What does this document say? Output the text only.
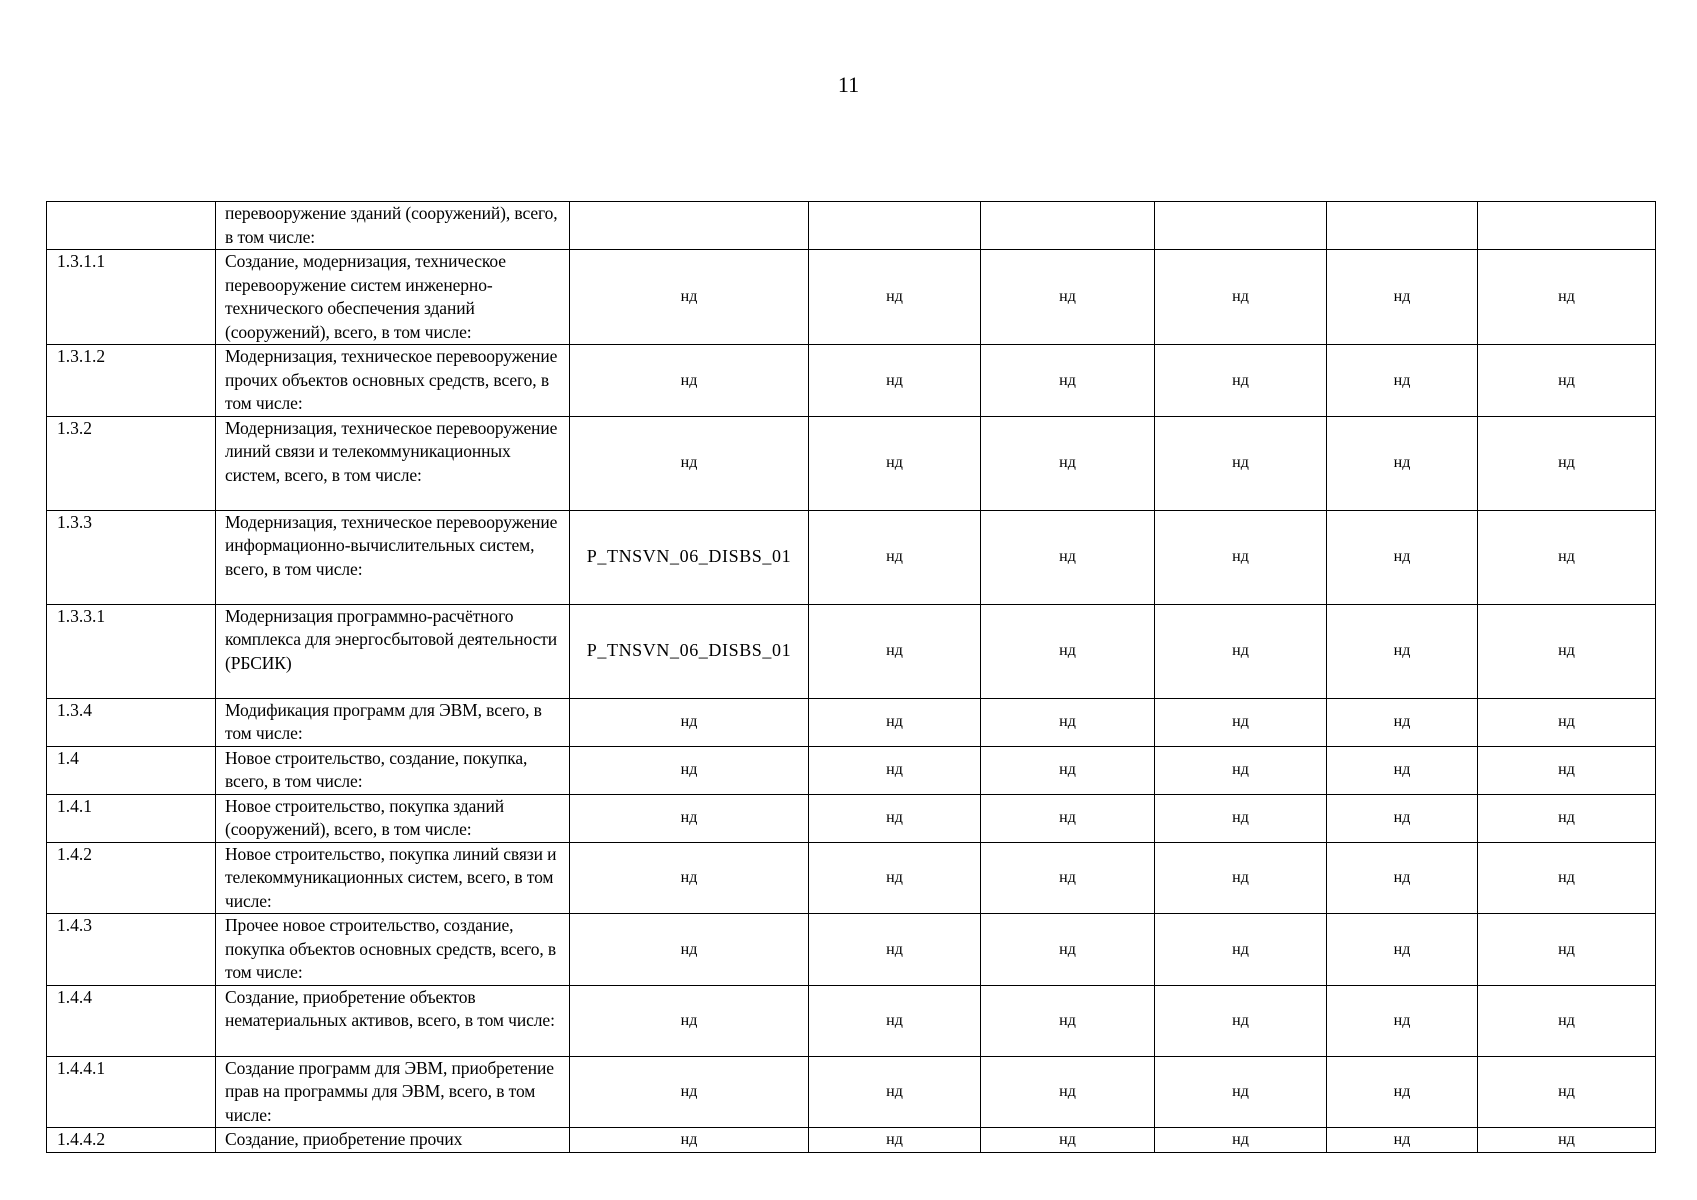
11
	перевооружение зданий (сооружений), всего, в том числе:						
1.3.1.1	Создание, модернизация, техническое перевооружение систем инженерно-технического обеспечения зданий (сооружений), всего, в том числе:	нд	нд	нд	нд	нд	нд
1.3.1.2	Модернизация, техническое перевооружение прочих объектов основных средств, всего, в том числе:	нд	нд	нд	нд	нд	нд
1.3.2	Модернизация, техническое перевооружение линий связи и телекоммуникационных систем, всего, в том числе:	нд	нд	нд	нд	нд	нд
1.3.3	Модернизация, техническое перевооружение информационно-вычислительных систем, всего, в том числе:	P_TNSVN_06_DISBS_01	нд	нд	нд	нд	нд
1.3.3.1	Модернизация программно-расчётного комплекса для энергосбытовой деятельности (РБСИК)	P_TNSVN_06_DISBS_01	нд	нд	нд	нд	нд
1.3.4	Модификация программ для ЭВМ, всего, в том числе:	нд	нд	нд	нд	нд	нд
1.4	Новое строительство, создание, покупка, всего, в том числе:	нд	нд	нд	нд	нд	нд
1.4.1	Новое строительство, покупка зданий (сооружений), всего, в том числе:	нд	нд	нд	нд	нд	нд
1.4.2	Новое строительство, покупка линий связи и телекоммуникационных систем, всего, в том числе:	нд	нд	нд	нд	нд	нд
1.4.3	Прочее новое строительство, создание, покупка объектов основных средств, всего, в том числе:	нд	нд	нд	нд	нд	нд
1.4.4	Создание, приобретение объектов нематериальных активов, всего, в том числе:	нд	нд	нд	нд	нд	нд
1.4.4.1	Создание программ для ЭВМ, приобретение прав на программы для ЭВМ, всего, в том числе:	нд	нд	нд	нд	нд	нд
1.4.4.2	Создание, приобретение прочих	нд	нд	нд	нд	нд	нд
